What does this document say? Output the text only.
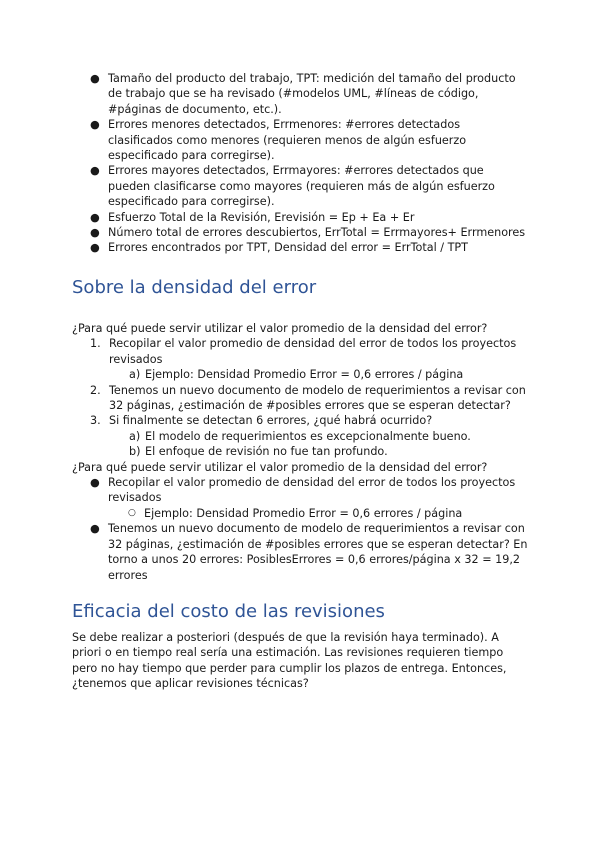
● Tamaño del producto del trabajo, TPT: medición del tamaño del producto de trabajo que se ha revisado (#modelos UML, #líneas de código, #páginas de documento, etc.).
● Errores menores detectados, Errmenores: #errores detectados clasificados como menores (requieren menos de algún esfuerzo especificado para corregirse).
● Errores mayores detectados, Errmayores: #errores detectados que pueden clasificarse como mayores (requieren más de algún esfuerzo especificado para corregirse).
● Esfuerzo Total de la Revisión, Erevisión = Ep + Ea + Er
● Número total de errores descubiertos, ErrTotal = Errmayores+ Errmenores
● Errores encontrados por TPT, Densidad del error = ErrTotal / TPT
Sobre la densidad del error
¿Para qué puede servir utilizar el valor promedio de la densidad del error?
1. Recopilar el valor promedio de densidad del error de todos los proyectos revisados
a) Ejemplo: Densidad Promedio Error = 0,6 errores / página
2. Tenemos un nuevo documento de modelo de requerimientos a revisar con 32 páginas, ¿estimación de #posibles errores que se esperan detectar?
3. Si finalmente se detectan 6 errores, ¿qué habrá ocurrido?
a) El modelo de requerimientos es excepcionalmente bueno.
b) El enfoque de revisión no fue tan profundo.
¿Para qué puede servir utilizar el valor promedio de la densidad del error?
● Recopilar el valor promedio de densidad del error de todos los proyectos revisados
○ Ejemplo: Densidad Promedio Error = 0,6 errores / página
● Tenemos un nuevo documento de modelo de requerimientos a revisar con 32 páginas, ¿estimación de #posibles errores que se esperan detectar? En torno a unos 20 errores: PosiblesErrores = 0,6 errores/página x 32 = 19,2 errores
Eficacia del costo de las revisiones

Se debe realizar a posteriori (después de que la revisión haya terminado). A priori o en tiempo real sería una estimación. Las revisiones requieren tiempo pero no hay tiempo que perder para cumplir los plazos de entrega. Entonces, ¿tenemos que aplicar revisiones técnicas?
